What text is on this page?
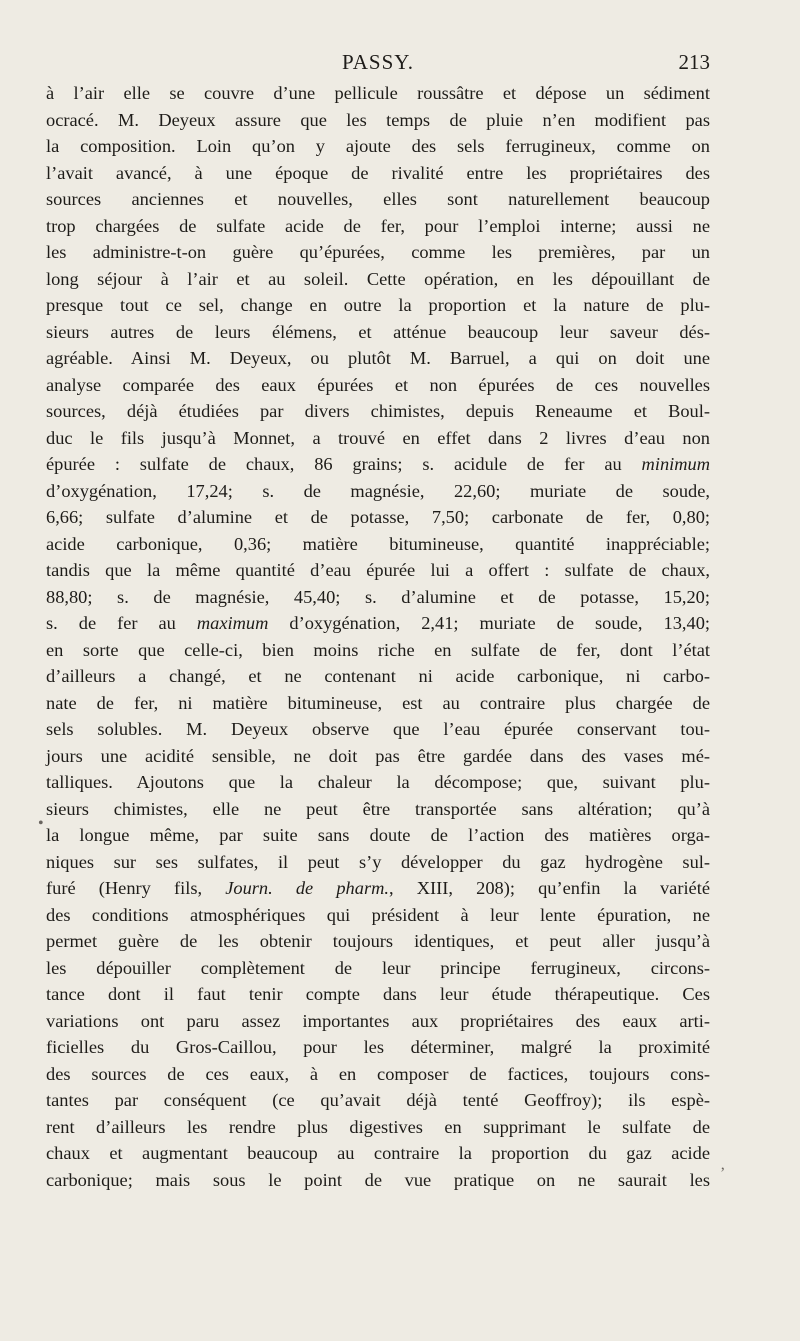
PASSY.	213
à l’air elle se couvre d’une pellicule roussâtre et dépose un sédiment
ocracé. M. Deyeux assure que les temps de pluie n’en modifient pas
la composition. Loin qu’on y ajoute des sels ferrugineux, comme on
l’avait avancé, à une époque de rivalité entre les propriétaires des
sources anciennes et nouvelles, elles sont naturellement beaucoup
trop chargées de sulfate acide de fer, pour l’emploi interne; aussi ne
les administre-t-on guère qu’épurées, comme les premières, par un
long séjour à l’air et au soleil. Cette opération, en les dépouillant de
presque tout ce sel, change en outre la proportion et la nature de plu-
sieurs autres de leurs élémens, et atténue beaucoup leur saveur dés-
agréable. Ainsi M. Deyeux, ou plutôt M. Barruel, a qui on doit une
analyse comparée des eaux épurées et non épurées de ces nouvelles
sources, déjà étudiées par divers chimistes, depuis Reneaume et Boul-
duc le fils jusqu’à Monnet, a trouvé en effet dans 2 livres d’eau non
épurée : sulfate de chaux, 86 grains; s. acidule de fer au minimum
d’oxygénation, 17,24; s. de magnésie, 22,60; muriate de soude,
6,66; sulfate d’alumine et de potasse, 7,50; carbonate de fer, 0,80;
acide carbonique, 0,36; matière bitumineuse, quantité inappréciable;
tandis que la même quantité d’eau épurée lui a offert : sulfate de chaux,
88,80; s. de magnésie, 45,40; s. d’alumine et de potasse, 15,20;
s. de fer au maximum d’oxygénation, 2,41; muriate de soude, 13,40;
en sorte que celle-ci, bien moins riche en sulfate de fer, dont l’état
d’ailleurs a changé, et ne contenant ni acide carbonique, ni carbo-
nate de fer, ni matière bitumineuse, est au contraire plus chargée de
sels solubles. M. Deyeux observe que l’eau épurée conservant tou-
jours une acidité sensible, ne doit pas être gardée dans des vases mé-
talliques. Ajoutons que la chaleur la décompose; que, suivant plu-
sieurs chimistes, elle ne peut être transportée sans altération; qu’à
la longue même, par suite sans doute de l’action des matières orga-
niques sur ses sulfates, il peut s’y développer du gaz hydrogène sul-
furé (Henry fils, Journ. de pharm., XIII, 208); qu’enfin la variété
des conditions atmosphériques qui président à leur lente épuration, ne
permet guère de les obtenir toujours identiques, et peut aller jusqu’à
les dépouiller complètement de leur principe ferrugineux, circons-
tance dont il faut tenir compte dans leur étude thérapeutique. Ces
variations ont paru assez importantes aux propriétaires des eaux arti-
ficielles du Gros-Caillou, pour les déterminer, malgré la proximité
des sources de ces eaux, à en composer de factices, toujours cons-
tantes par conséquent (ce qu’avait déjà tenté Geoffroy); ils espè-
rent d’ailleurs les rendre plus digestives en supprimant le sulfate de
chaux et augmentant beaucoup au contraire la proportion du gaz acide
carbonique; mais sous le point de vue pratique on ne saurait les
•
’
